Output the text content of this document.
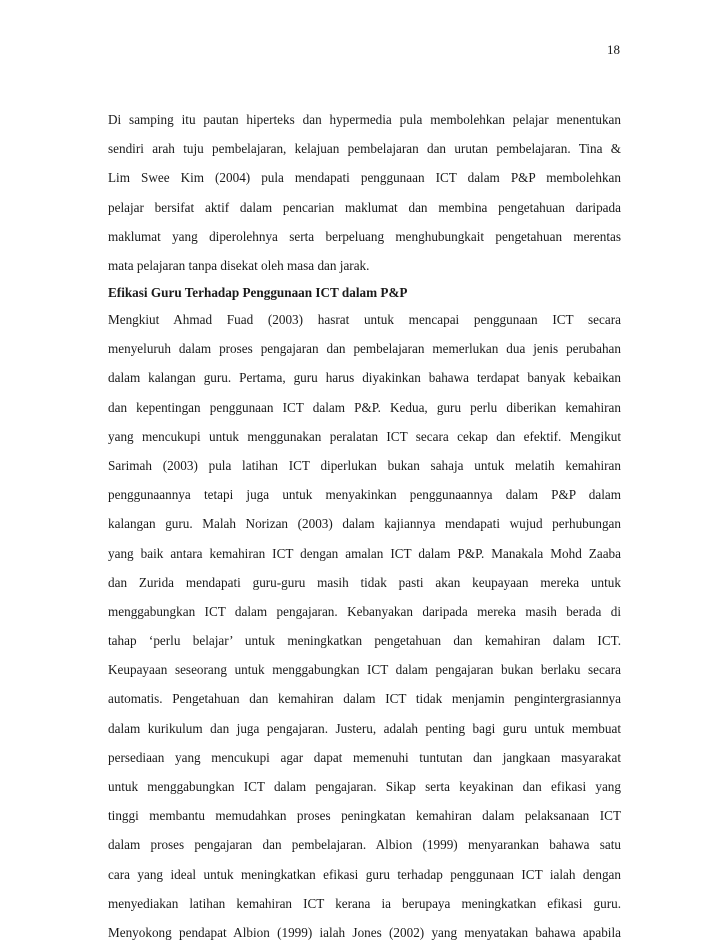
18
Di samping itu pautan hiperteks dan hypermedia pula membolehkan pelajar menentukan
sendiri arah tuju pembelajaran, kelajuan pembelajaran dan urutan pembelajaran. Tina &
Lim Swee Kim (2004) pula mendapati penggunaan ICT dalam P&P membolehkan
pelajar bersifat aktif dalam pencarian maklumat dan membina pengetahuan daripada
maklumat yang diperolehnya serta berpeluang menghubungkait pengetahuan merentas
mata pelajaran tanpa disekat oleh masa dan jarak.
Efikasi Guru Terhadap Penggunaan ICT dalam P&P
Mengkiut Ahmad Fuad (2003) hasrat untuk mencapai penggunaan ICT secara
menyeluruh dalam proses pengajaran dan pembelajaran memerlukan dua jenis perubahan
dalam kalangan guru. Pertama, guru harus diyakinkan bahawa terdapat banyak kebaikan
dan kepentingan penggunaan ICT dalam P&P. Kedua, guru perlu diberikan kemahiran
yang mencukupi untuk menggunakan peralatan ICT secara cekap dan efektif. Mengikut
Sarimah (2003) pula latihan ICT diperlukan bukan sahaja untuk melatih kemahiran
penggunaannya tetapi juga untuk menyakinkan penggunaannya dalam P&P dalam
kalangan guru. Malah Norizan (2003) dalam kajiannya mendapati wujud perhubungan
yang baik antara kemahiran ICT dengan amalan ICT dalam P&P. Manakala Mohd Zaaba
dan Zurida mendapati guru-guru masih tidak pasti akan keupayaan mereka untuk
menggabungkan ICT dalam pengajaran. Kebanyakan daripada mereka masih berada di
tahap ‘perlu belajar’ untuk meningkatkan pengetahuan dan kemahiran dalam ICT.
Keupayaan seseorang untuk menggabungkan ICT dalam pengajaran bukan berlaku secara
automatis. Pengetahuan dan kemahiran dalam ICT tidak menjamin pengintergrasiannya
dalam kurikulum dan juga pengajaran. Justeru, adalah penting bagi guru untuk membuat
persediaan yang mencukupi agar dapat memenuhi tuntutan dan jangkaan masyarakat
untuk menggabungkan ICT dalam pengajaran. Sikap serta keyakinan dan efikasi yang
tinggi membantu memudahkan proses peningkatan kemahiran dalam pelaksanaan ICT
dalam proses pengajaran dan pembelajaran. Albion (1999) menyarankan bahawa satu
cara yang ideal untuk meningkatkan efikasi guru terhadap penggunaan ICT ialah dengan
menyediakan latihan kemahiran ICT kerana ia berupaya meningkatkan efikasi guru.
Menyokong pendapat Albion (1999) ialah Jones (2002) yang menyatakan bahawa apabila
